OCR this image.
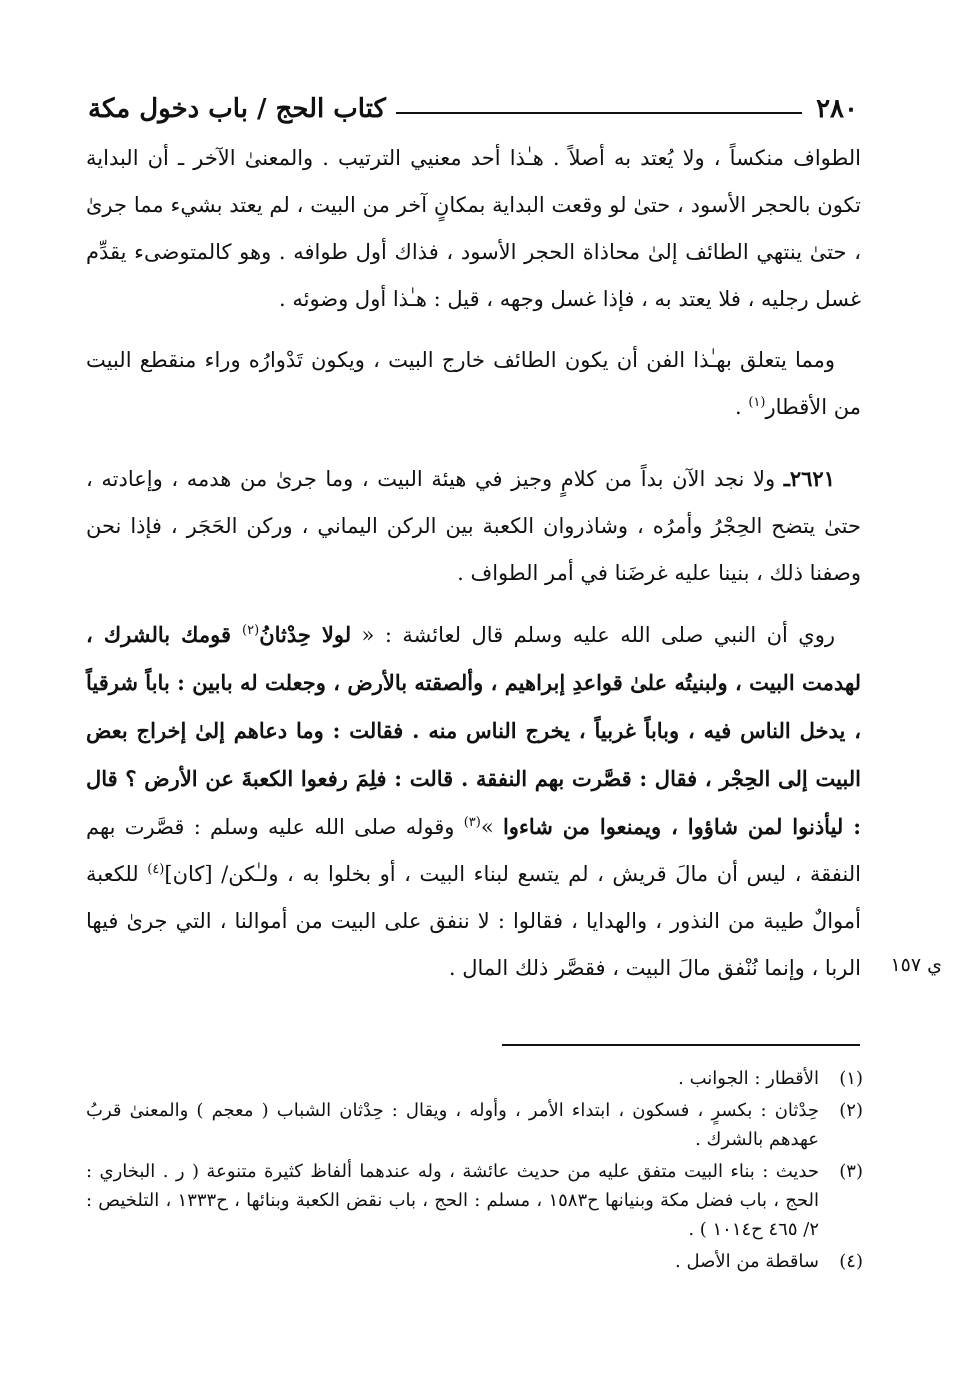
٢٨٠
كتاب الحج / باب دخول مكة

الطواف منكساً ، ولا يُعتد به أصلاً . هـٰذا أحد معنيي الترتيب . والمعنىٰ الآخر ـ أن البداية تكون بالحجر الأسود ، حتىٰ لو وقعت البداية بمكانٍ آخر من البيت ، لم يعتد بشيء مما جرىٰ ، حتىٰ ينتهي الطائف إلىٰ محاذاة الحجر الأسود ، فذاك أول طوافه . وهو كالمتوضىء يقدِّم غسل رجليه ، فلا يعتد به ، فإذا غسل وجهه ، قيل : هـٰذا أول وضوئه .

ومما يتعلق بهـٰذا الفن أن يكون الطائف خارج البيت ، ويكون تَدْوارُه وراء منقطع البيت من الأقطار$^{(١)}$ .

٢٦٢١ـ ولا نجد الآن بداً من كلامٍ وجيز في هيئة البيت ، وما جرىٰ من هدمه ، وإعادته ، حتىٰ يتضح الحِجْرُ وأمرُه ، وشاذروان الكعبة بين الركن اليماني ، وركن الحَجَر ، فإذا نحن وصفنا ذلك ، بنينا عليه غرضَنا في أمر الطواف .

روي أن النبي صلى الله عليه وسلم قال لعائشة : « لولا حِدْثانُ$^{(٢)}$ قومك بالشرك ، لهدمت البيت ، ولبنيتُه علىٰ قواعدِ إبراهيم ، وألصقته بالأرض ، وجعلت له بابين : باباً شرقياً ، يدخل الناس فيه ، وباباً غربياً ، يخرج الناس منه . فقالت : وما دعاهم إلىٰ إخراج بعض البيت إلى الحِجْر ، فقال : قصَّرت بهم النفقة . قالت : فلِمَ رفعوا الكعبةَ عن الأرض ؟ قال : ليأذنوا لمن شاؤوا ، ويمنعوا من شاءوا »$^{(٣)}$ وقوله صلى الله عليه وسلم : قصَّرت بهم النفقة ، ليس أن مالَ قريش ، لم يتسع لبناء البيت ، أو بخلوا به ، ولـٰكن/ [كان]$^{(٤)}$ للكعبة أموالٌ طيبة من النذور ، والهدايا ، فقالوا : لا ننفق على البيت من أموالنا ، التي جرىٰ فيها الربا ، وإنما نُنْفق مالَ البيت ، فقصَّر ذلك المال .	ي ١٥٧
(١)
الأقطار : الجوانب .
(٢)
حِدْثان : بكسرٍ ، فسكون ، ابتداء الأمر ، وأوله ، ويقال : حِدْثان الشباب ( معجم ) والمعنىٰ قربُ عهدهم بالشرك .
(٣)
حديث : بناء البيت متفق عليه من حديث عائشة ، وله عندهما ألفاظ كثيرة متنوعة ( ر . البخاري : الحج ، باب فضل مكة وبنيانها ح١٥٨٣ ، مسلم : الحج ، باب نقض الكعبة وبنائها ، ح١٣٣٣ ، التلخيص : ٢/ ٤٦٥ ح١٠١٤ ) .
(٤)
ساقطة من الأصل .
